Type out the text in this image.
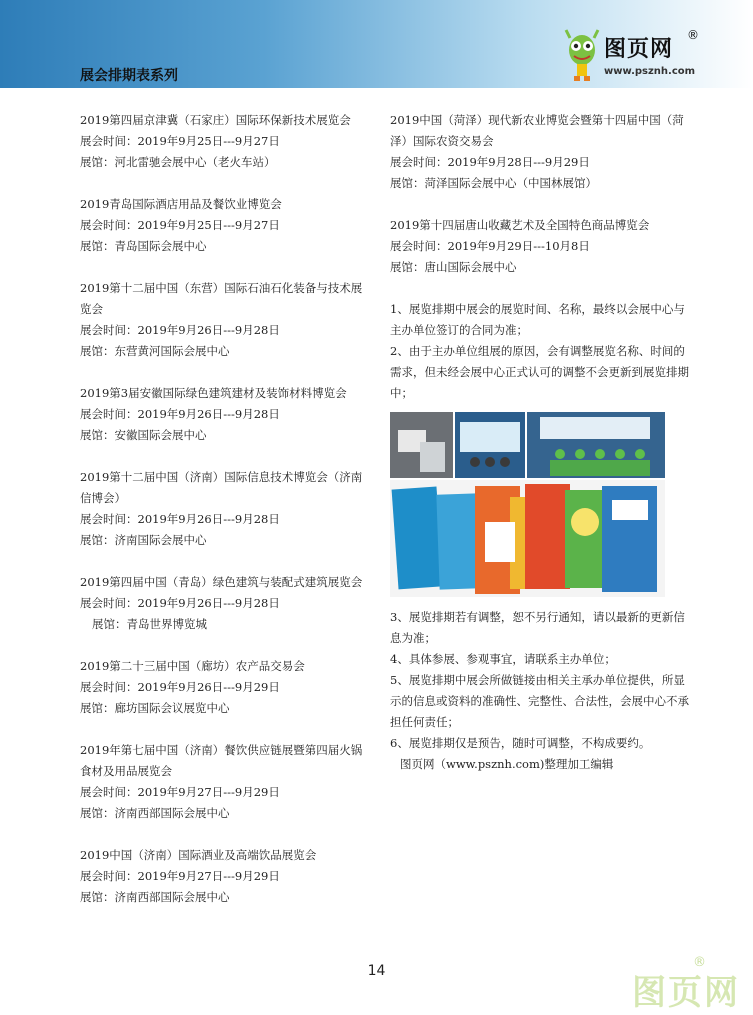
展会排期表系列
图页网
®
www.psznh.com

2019第四届京津冀（石家庄）国际环保新技术展览会

展会时间：2019年9月25日---9月27日

展馆：河北雷驰会展中心（老火车站）

2019青岛国际酒店用品及餐饮业博览会

展会时间：2019年9月25日---9月27日

展馆：青岛国际会展中心

2019第十二届中国（东营）国际石油石化装备与技术展览会

展会时间：2019年9月26日---9月28日

展馆：东营黄河国际会展中心

2019第3届安徽国际绿色建筑建材及装饰材料博览会

展会时间：2019年9月26日---9月28日

展馆：安徽国际会展中心

2019第十二届中国（济南）国际信息技术博览会（济南信博会）

展会时间：2019年9月26日---9月28日

展馆：济南国际会展中心

2019第四届中国（青岛）绿色建筑与装配式建筑展览会

展会时间：2019年9月26日---9月28日

展馆：青岛世界博览城

2019第二十三届中国（廊坊）农产品交易会

展会时间：2019年9月26日---9月29日

展馆：廊坊国际会议展览中心

2019年第七届中国（济南）餐饮供应链展暨第四届火锅食材及用品展览会

展会时间：2019年9月27日---9月29日

展馆：济南西部国际会展中心

2019中国（济南）国际酒业及高端饮品展览会

展会时间：2019年9月27日---9月29日

展馆：济南西部国际会展中心

2019中国（菏泽）现代新农业博览会暨第十四届中国（菏泽）国际农资交易会

展会时间：2019年9月28日---9月29日

展馆：菏泽国际会展中心（中国林展馆）

2019第十四届唐山收藏艺术及全国特色商品博览会

展会时间：2019年9月29日---10月8日

展馆：唐山国际会展中心

1、展览排期中展会的展览时间、名称，最终以会展中心与主办单位签订的合同为准；

2、由于主办单位组展的原因，会有调整展览名称、时间的需求，但未经会展中心正式认可的调整不会更新到展览排期中；

3、展览排期若有调整，恕不另行通知，请以最新的更新信息为准；

4、具体参展、参观事宜，请联系主办单位；

5、展览排期中展会所做链接由相关主承办单位提供，所显示的信息或资料的准确性、完整性、合法性，会展中心不承担任何责任；

6、展览排期仅是预告，随时可调整，不构成要约。

图页网（www.psznh.com)整理加工编辑

14
图页网
®
